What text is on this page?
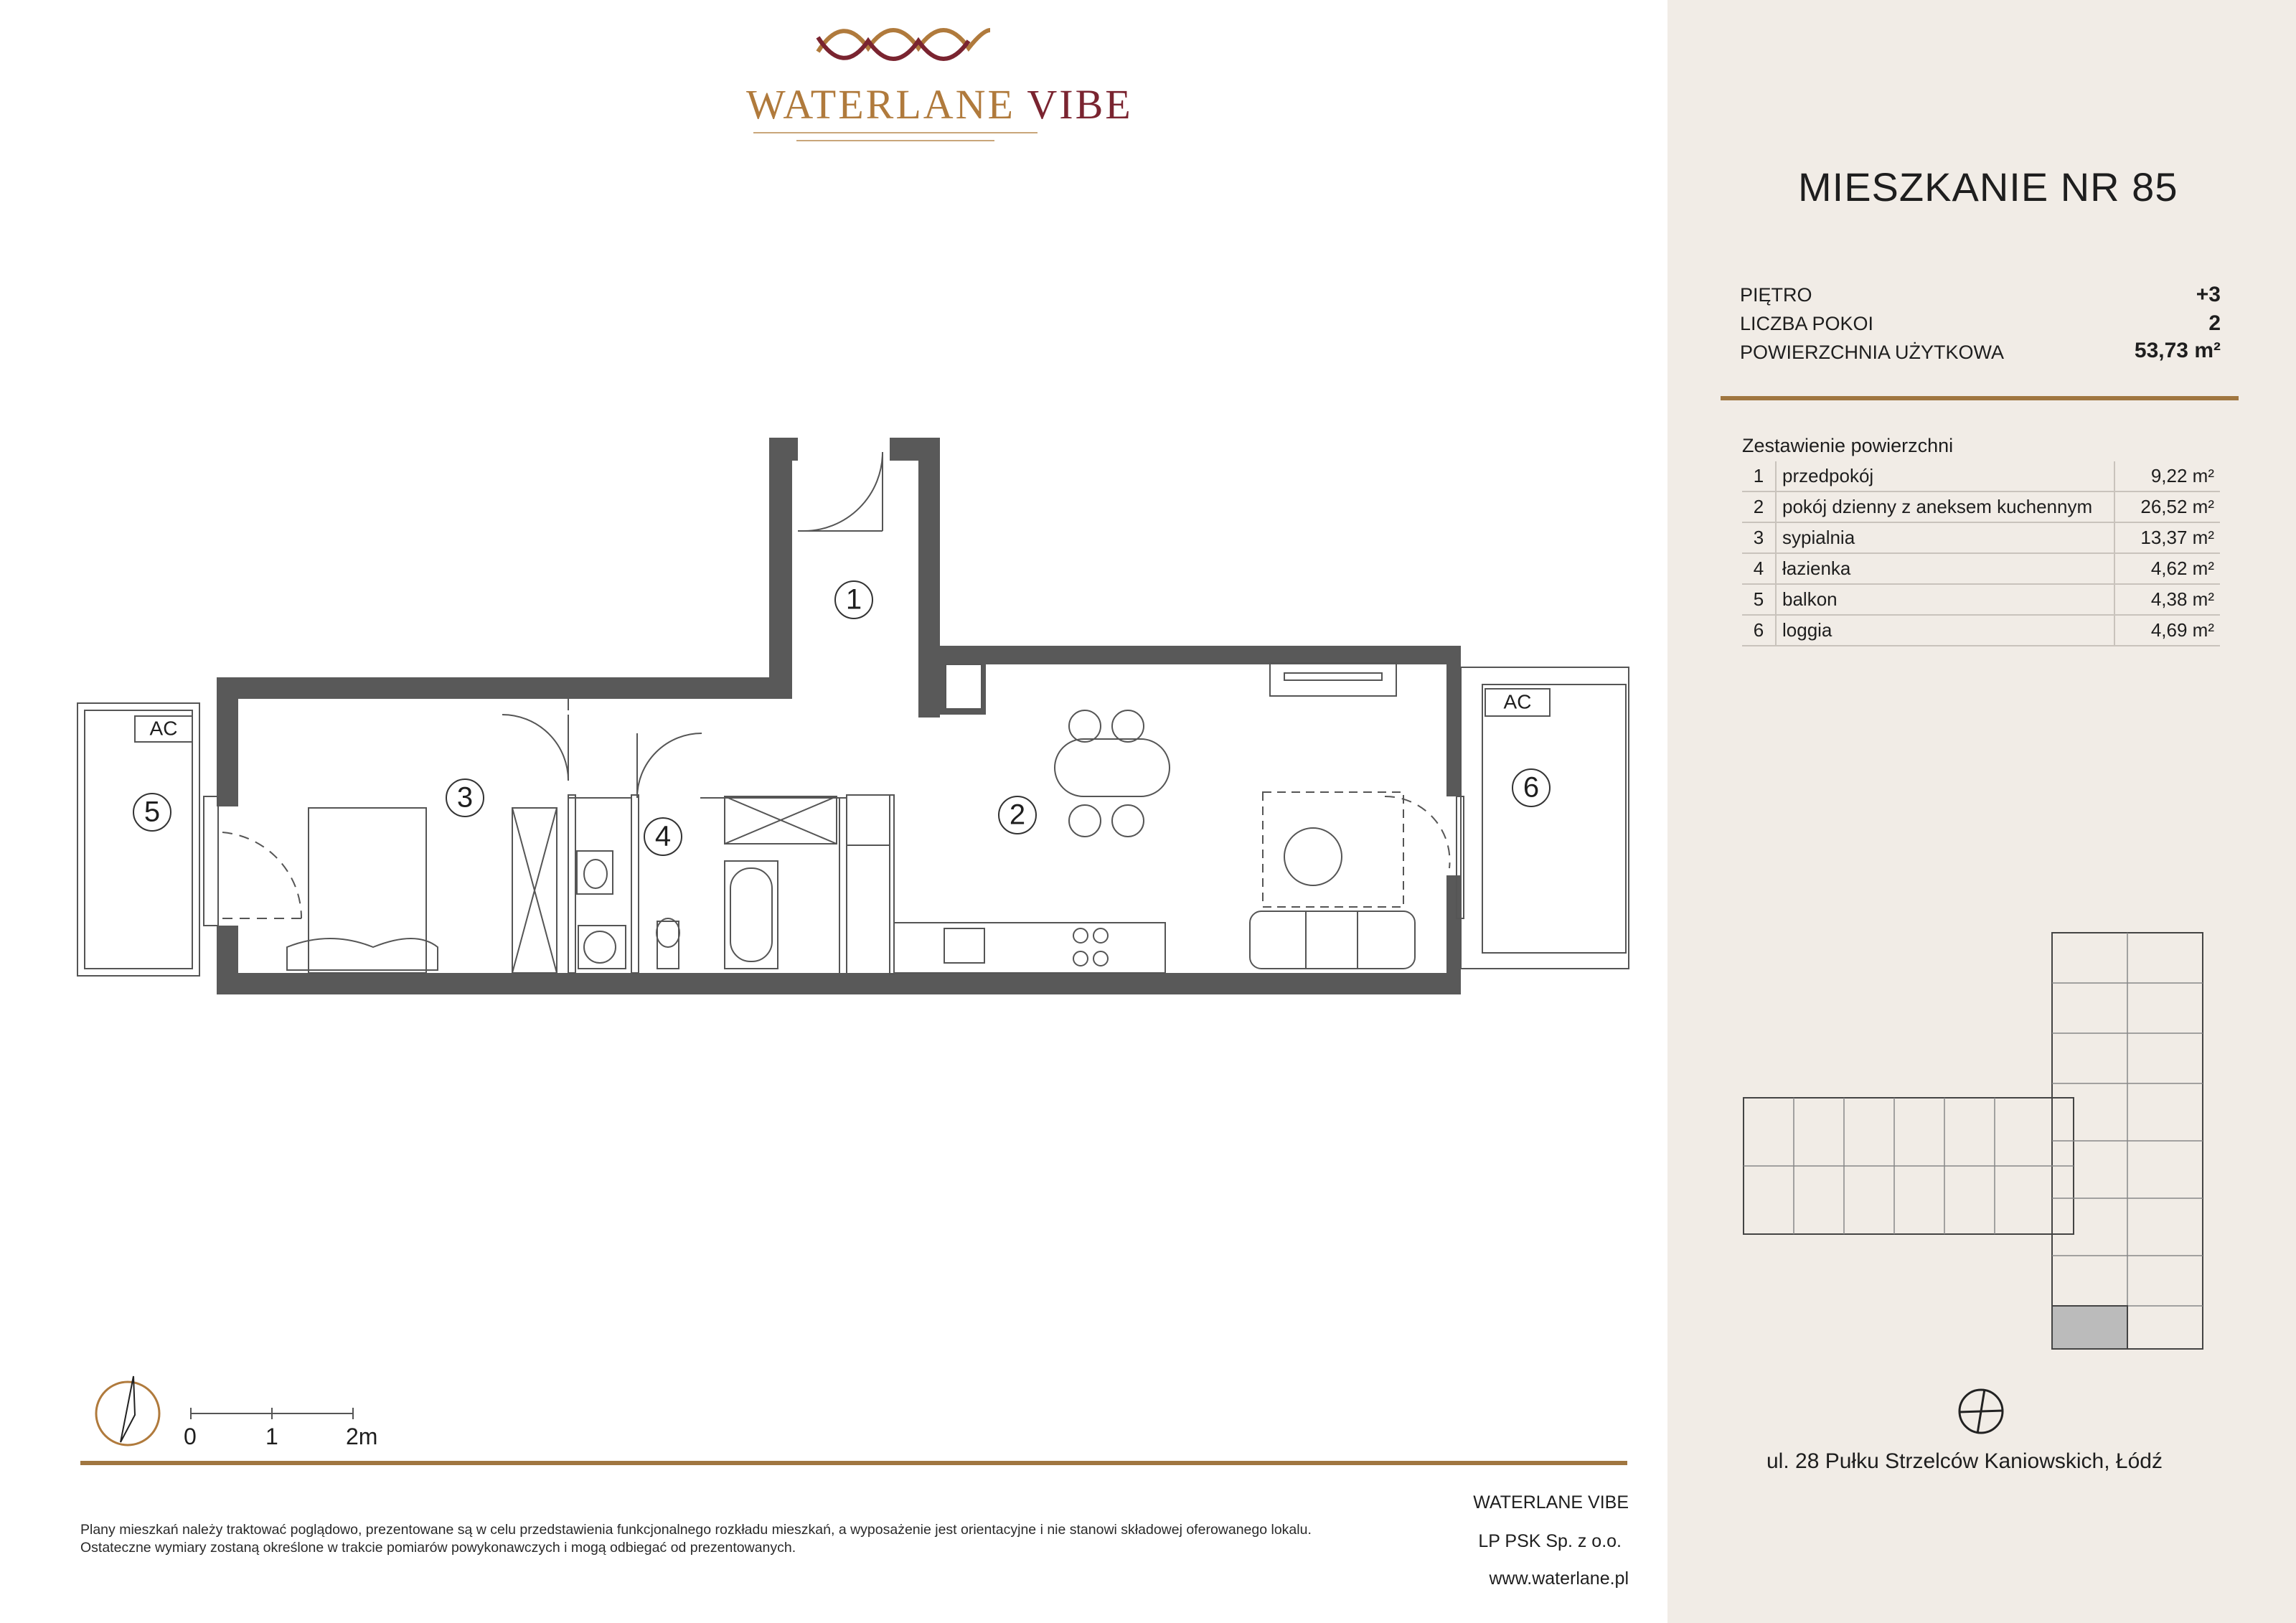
WATERLANE VIBE
MIESZKANIE NR 85
PIĘTRO	+3
LICZBA POKOI	2
POWIERZCHNIA UŻYTKOWA	53,73 m²
Zestawienie powierzchni
1	przedpokój	9,22 m²
2	pokój dzienny z aneksem kuchennym	26,52 m²
3	sypialnia	13,37 m²
4	łazienka	4,62 m²
5	balkon	4,38 m²
6	loggia	4,69 m²
1
2
3
4
5
6
AC
AC
ul. 28 Pułku Strzelców Kaniowskich, Łódź
0	1	2m
Plany mieszkań należy traktować poglądowo, prezentowane są w celu przedstawienia funkcjonalnego rozkładu mieszkań, a wyposażenie jest orientacyjne i nie stanowi składowej oferowanego lokalu.
Ostateczne wymiary zostaną określone w trakcie pomiarów powykonawczych i mogą odbiegać od prezentowanych.
WATERLANE VIBE
LP PSK Sp. z o.o.
www.waterlane.pl
